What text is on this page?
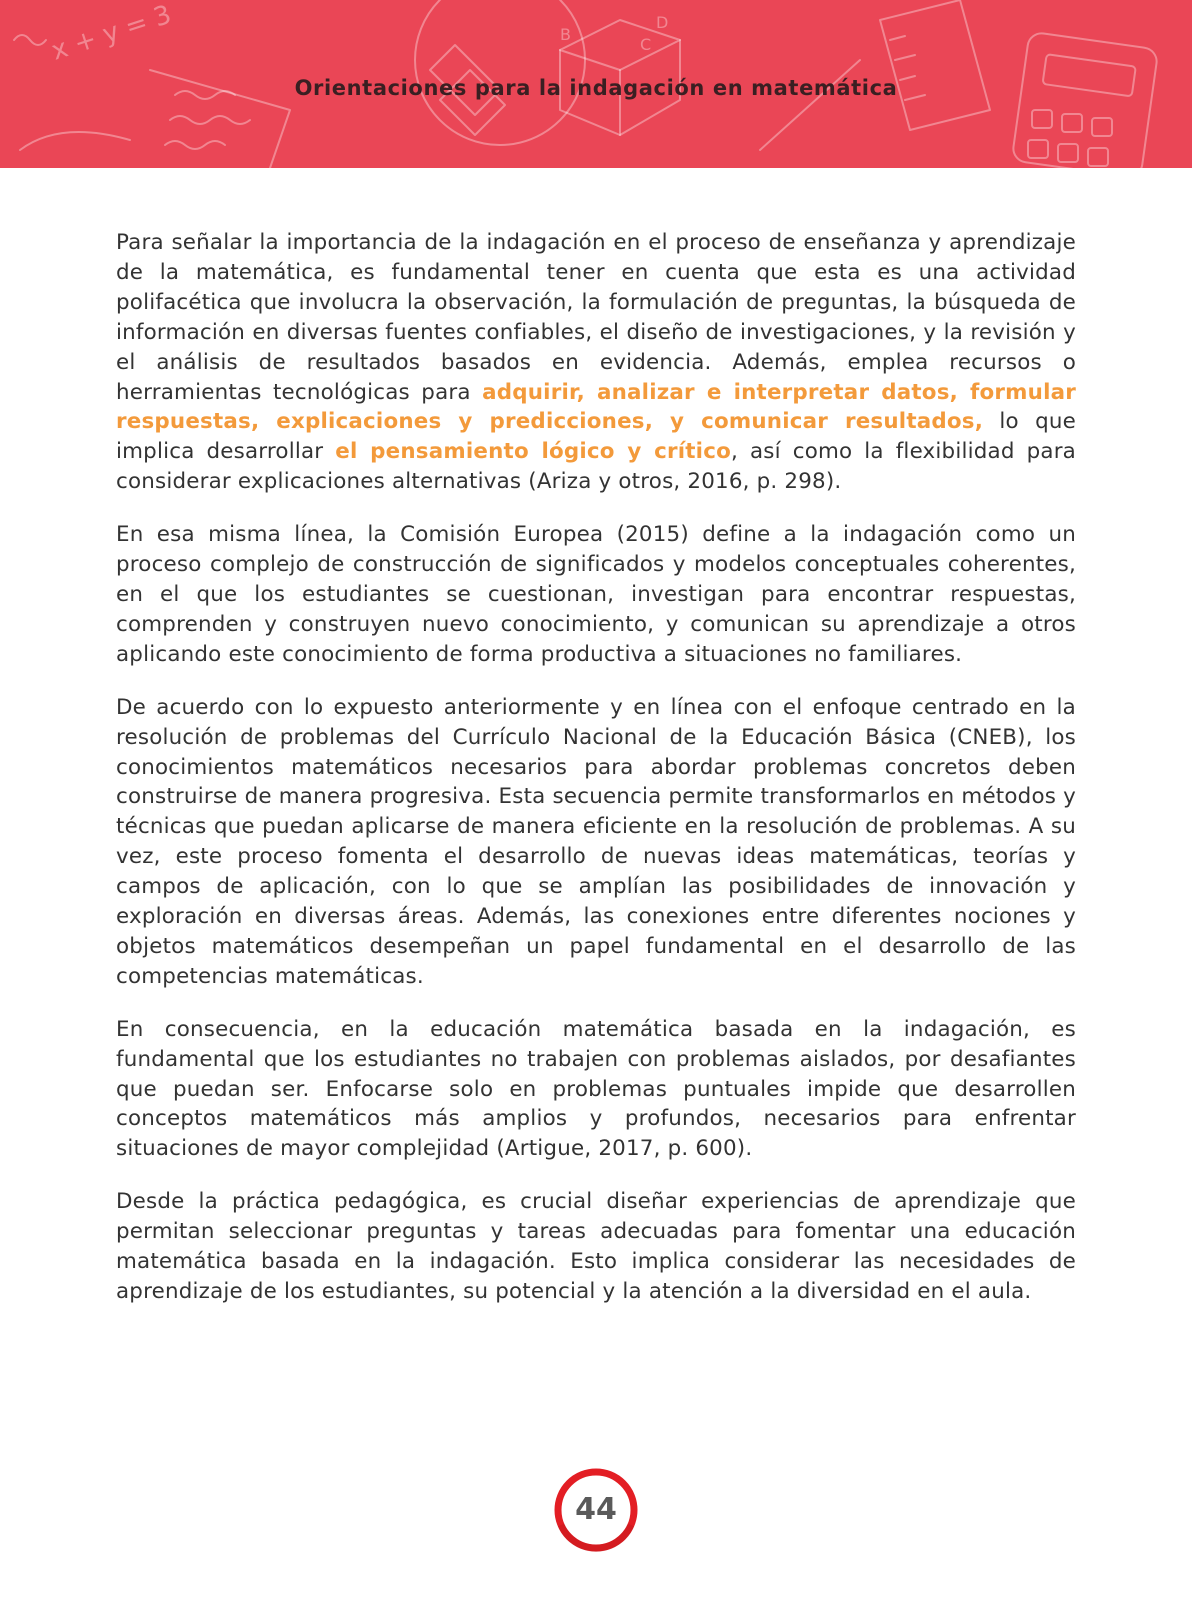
x + y = 3	B
D
C
Orientaciones para la indagación en matemática

Para señalar la importancia de la indagación en el proceso de enseñanza y aprendizaje de la matemática, es fundamental tener en cuenta que esta es una actividad polifacética que involucra la observación, la formulación de preguntas, la búsqueda de información en diversas fuentes confiables, el diseño de investigaciones, y la revisión y el análisis de resultados basados en evidencia. Además, emplea recursos o herramientas tecnológicas para adquirir, analizar e interpretar datos, formular respuestas, explicaciones y predicciones, y comunicar resultados, lo que implica desarrollar el pensamiento lógico y crítico, así como la flexibilidad para considerar explicaciones alternativas (Ariza y otros, 2016, p. 298).

En esa misma línea, la Comisión Europea (2015) define a la indagación como un proceso complejo de construcción de significados y modelos conceptuales coherentes, en el que los estudiantes se cuestionan, investigan para encontrar respuestas, comprenden y construyen nuevo conocimiento, y comunican su aprendizaje a otros aplicando este conocimiento de forma productiva a situaciones no familiares.

De acuerdo con lo expuesto anteriormente y en línea con el enfoque centrado en la resolución de problemas del Currículo Nacional de la Educación Básica (CNEB), los conocimientos matemáticos necesarios para abordar problemas concretos deben construirse de manera progresiva. Esta secuencia permite transformarlos en métodos y técnicas que puedan aplicarse de manera eficiente en la resolución de problemas. A su vez, este proceso fomenta el desarrollo de nuevas ideas matemáticas, teorías y campos de aplicación, con lo que se amplían las posibilidades de innovación y exploración en diversas áreas. Además, las conexiones entre diferentes nociones y objetos matemáticos desempeñan un papel fundamental en el desarrollo de las competencias matemáticas.

En consecuencia, en la educación matemática basada en la indagación, es fundamental que los estudiantes no trabajen con problemas aislados, por desafiantes que puedan ser. Enfocarse solo en problemas puntuales impide que desarrollen conceptos matemáticos más amplios y profundos, necesarios para enfrentar situaciones de mayor complejidad (Artigue, 2017, p. 600).

Desde la práctica pedagógica, es crucial diseñar experiencias de aprendizaje que permitan seleccionar preguntas y tareas adecuadas para fomentar una educación matemática basada en la indagación. Esto implica considerar las necesidades de aprendizaje de los estudiantes, su potencial y la atención a la diversidad en el aula.

44
